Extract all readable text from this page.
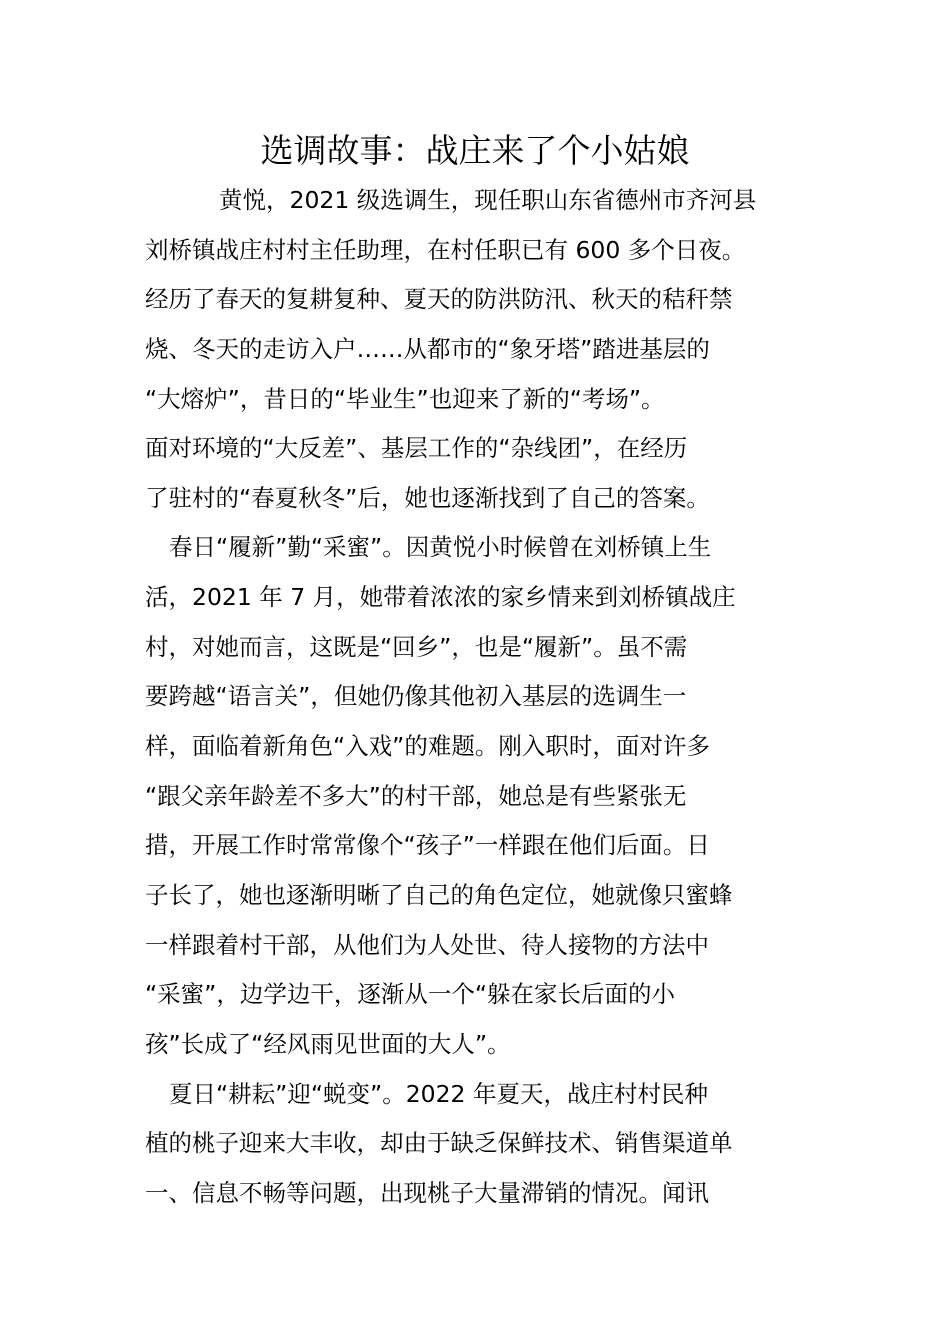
选调故事：战庄来了个小姑娘
黄悦，2021 级选调生，现任职山东省德州市齐河县
刘桥镇战庄村村主任助理，在村任职已有 600 多个日夜。
经历了春天的复耕复种、夏天的防洪防汛、秋天的秸秆禁
烧、冬天的走访入户……从都市的“象牙塔”踏进基层的
“大熔炉”，昔日的“毕业生”也迎来了新的“考场”。
面对环境的“大反差”、基层工作的“杂线团”，在经历
了驻村的“春夏秋冬”后，她也逐渐找到了自己的答案。
春日“履新”勤“采蜜”。因黄悦小时候曾在刘桥镇上生
活，2021 年 7 月，她带着浓浓的家乡情来到刘桥镇战庄
村，对她而言，这既是“回乡”，也是“履新”。虽不需
要跨越“语言关”，但她仍像其他初入基层的选调生一
样，面临着新角色“入戏”的难题。刚入职时，面对许多
“跟父亲年龄差不多大”的村干部，她总是有些紧张无
措，开展工作时常常像个“孩子”一样跟在他们后面。日
子长了，她也逐渐明晰了自己的角色定位，她就像只蜜蜂
一样跟着村干部，从他们为人处世、待人接物的方法中
“采蜜”，边学边干，逐渐从一个“躲在家长后面的小
孩”长成了“经风雨见世面的大人”。
夏日“耕耘”迎“蜕变”。2022 年夏天，战庄村村民种
植的桃子迎来大丰收，却由于缺乏保鲜技术、销售渠道单
一、信息不畅等问题，出现桃子大量滞销的情况。闻讯
